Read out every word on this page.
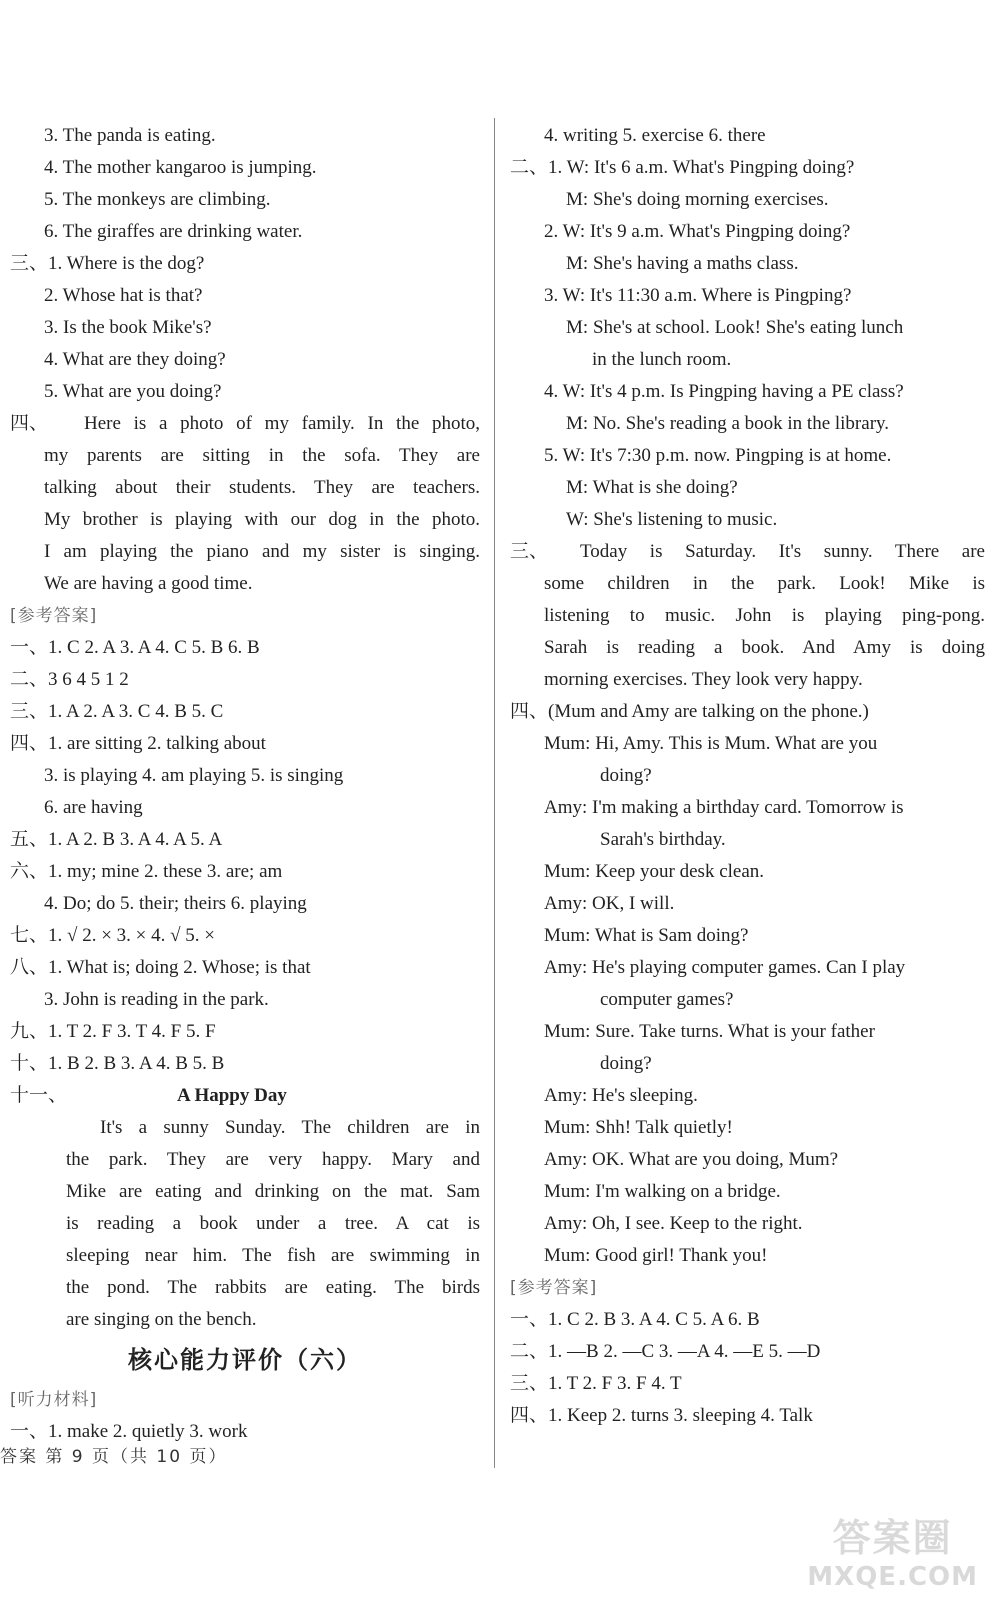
3. The panda is eating.
4. The mother kangaroo is jumping.
5. The monkeys are climbing.
6. The giraffes are drinking water.
三、1. Where is the dog?
2. Whose hat is that?
3. Is the book Mike's?
4. What are they doing?
5. What are you doing?
四、	Here is a photo of my family. In the photo,
my parents are sitting in the sofa. They are
talking about their students. They are teachers.
My brother is playing with our dog in the photo.
I am playing the piano and my sister is singing.
We are having a good time.
[参考答案]
一、1. C 2. A 3. A 4. C 5. B 6. B
二、3 6 4 5 1 2
三、1. A 2. A 3. C 4. B 5. C
四、1. are sitting 2. talking about
3. is playing 4. am playing 5. is singing
6. are having
五、1. A 2. B 3. A 4. A 5. A
六、1. my; mine 2. these 3. are; am
4. Do; do 5. their; theirs 6. playing
七、1. √ 2. × 3. × 4. √ 5. ×
八、1. What is; doing 2. Whose; is that
3. John is reading in the park.
九、1. T 2. F 3. T 4. F 5. F
十、1. B 2. B 3. A 4. B 5. B
十一、	A Happy Day
It's a sunny Sunday. The children are in
the park. They are very happy. Mary and
Mike are eating and drinking on the mat. Sam
is reading a book under a tree. A cat is
sleeping near him. The fish are swimming in
the pond. The rabbits are eating. The birds
are singing on the bench.
核心能力评价（六）
[听力材料]
一、1. make 2. quietly 3. work
4. writing 5. exercise 6. there
二、1. W: It's 6 a.m. What's Pingping doing?
M: She's doing morning exercises.
2. W: It's 9 a.m. What's Pingping doing?
M: She's having a maths class.
3. W: It's 11:30 a.m. Where is Pingping?
M: She's at school. Look! She's eating lunch
in the lunch room.
4. W: It's 4 p.m. Is Pingping having a PE class?
M: No. She's reading a book in the library.
5. W: It's 7:30 p.m. now. Pingping is at home.
M: What is she doing?
W: She's listening to music.
三、	Today is Saturday. It's sunny. There are
some children in the park. Look! Mike is
listening to music. John is playing ping-pong.
Sarah is reading a book. And Amy is doing
morning exercises. They look very happy.
四、(Mum and Amy are talking on the phone.)
Mum: Hi, Amy. This is Mum. What are you
doing?
Amy: I'm making a birthday card. Tomorrow is
Sarah's birthday.
Mum: Keep your desk clean.
Amy: OK, I will.
Mum: What is Sam doing?
Amy: He's playing computer games. Can I play
computer games?
Mum: Sure. Take turns. What is your father
doing?
Amy: He's sleeping.
Mum: Shh! Talk quietly!
Amy: OK. What are you doing, Mum?
Mum: I'm walking on a bridge.
Amy: Oh, I see. Keep to the right.
Mum: Good girl! Thank you!
[参考答案]
一、1. C 2. B 3. A 4. C 5. A 6. B
二、1. —B 2. —C 3. —A 4. —E 5. —D
三、1. T 2. F 3. F 4. T
四、1. Keep 2. turns 3. sleeping 4. Talk
答案 第 9 页（共 10 页）
答案圈
MXQE.COM
